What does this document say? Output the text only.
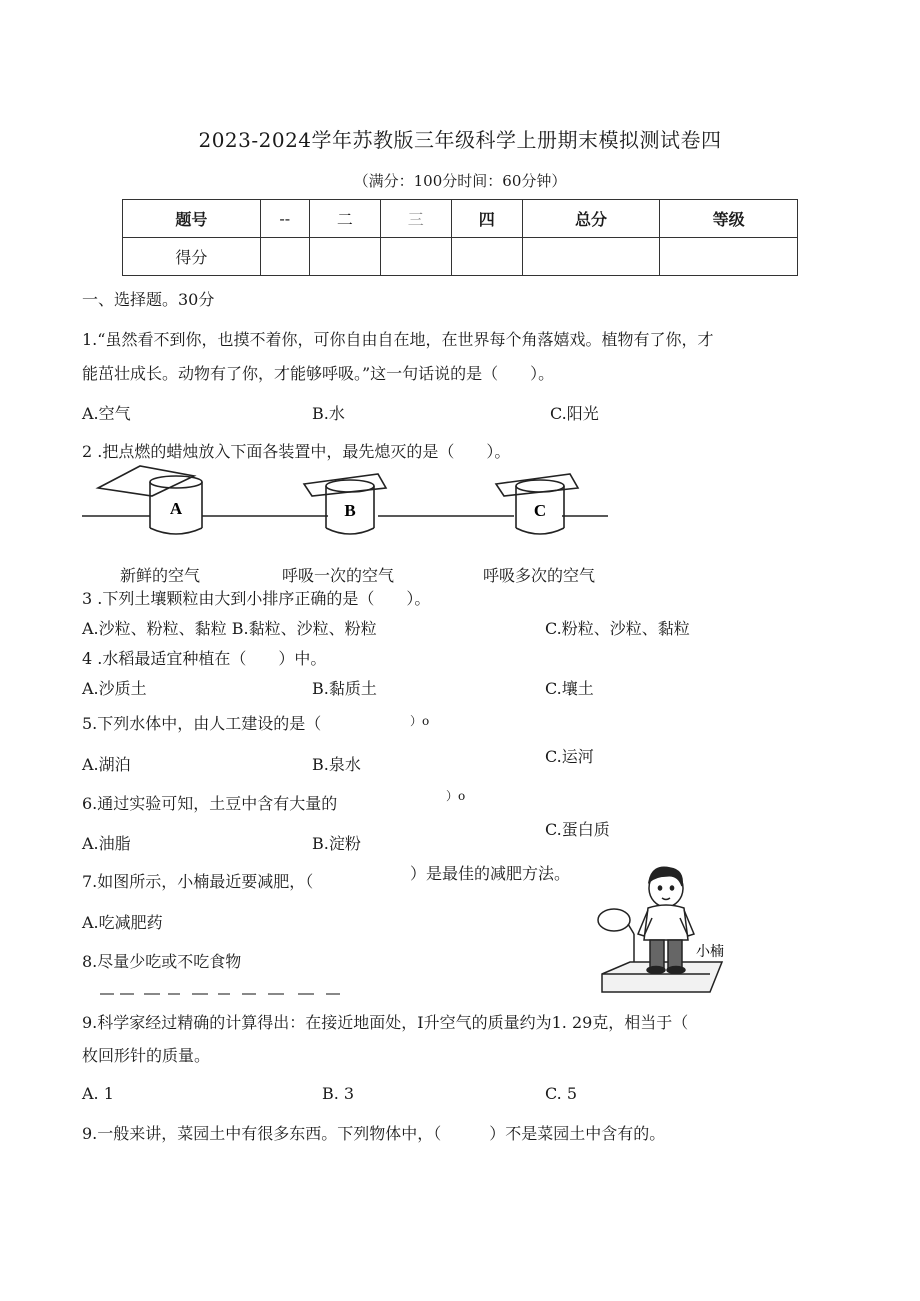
2023-2024学年苏教版三年级科学上册期末模拟测试卷四
（满分：100分时间：60分钟）
题号	--	二	三	四	总分	等级
得分						
一、选择题。30分
1.“虽然看不到你，也摸不着你，可你自由自在地，在世界每个角落嬉戏。植物有了你，才
能茁壮成长。动物有了你，才能够呼吸。”这一句话说的是（　　）。
A.空气	B.水	C.阳光
2 .把点燃的蜡烛放入下面各装置中，最先熄灭的是（　　）。
A	B	C
新鲜的空气	呼吸一次的空气	呼吸多次的空气
3 .下列土壤颗粒由大到小排序正确的是（　　）。
A.沙粒、粉粒、黏粒 B.黏粒、沙粒、粉粒	C.粉粒、沙粒、黏粒
4 .水稻最适宜种植在（　　）中。
A.沙质土	B.黏质土	C.壤土
5.下列水体中，由人工建设的是（	）o
A.湖泊	B.泉水	C.运河
6.通过实验可知，土豆中含有大量的	）o
A.油脂	B.淀粉
C.蛋白质
7.如图所示，小楠最近要减肥，（	）是最佳的减肥方法。
A.吃减肥药
8.尽量少吃或不吃食物	小楠
9.科学家经过精确的计算得出：在接近地面处，I升空气的质量约为1. 29克，相当于（
枚回形针的质量。
A. 1	B. 3	C. 5
9.一般来讲，菜园土中有很多东西。下列物体中，（　　　）不是菜园土中含有的。
